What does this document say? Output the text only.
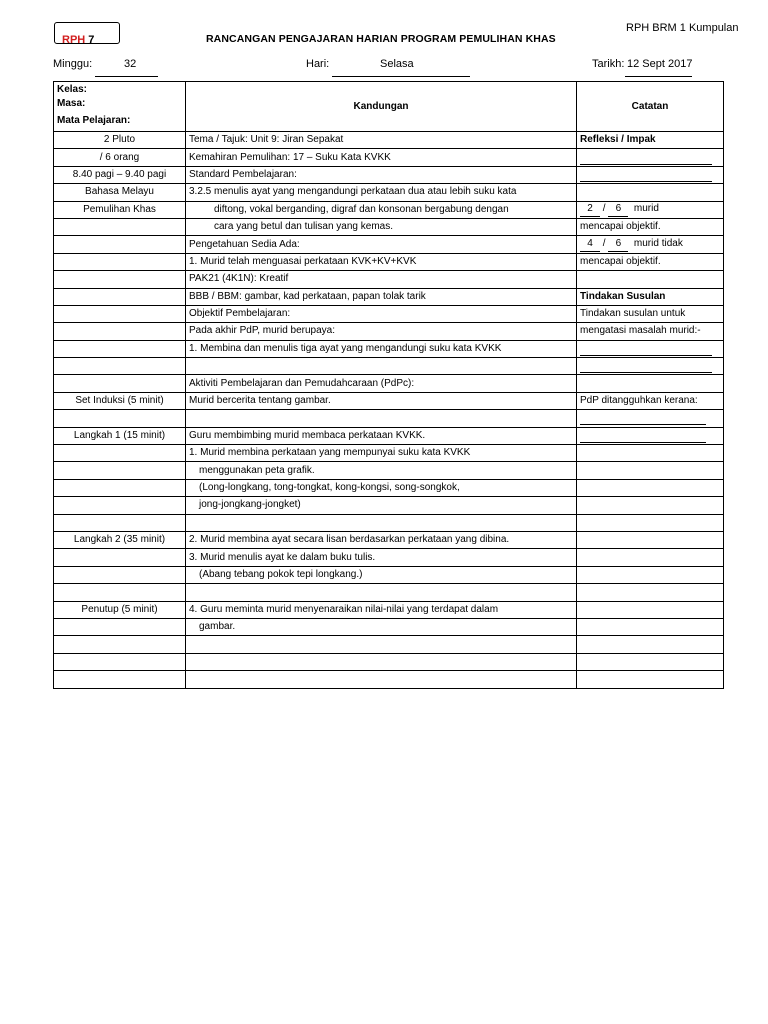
RPH 7
RPH BRM 1 Kumpulan
RANCANGAN PENGAJARAN HARIAN PROGRAM PEMULIHAN KHAS
Minggu:	32	Hari:	Selasa	Tarikh: 12 Sept 2017
Kelas:
Masa:
Mata Pelajaran:	Kandungan	Catatan
2 Pluto	Tema / Tajuk: Unit 9: Jiran Sepakat	Refleksi / Impak
/ 6 orang	Kemahiran Pemulihan: 17 – Suku Kata KVKK	
8.40 pagi – 9.40 pagi	Standard Pembelajaran:	
Bahasa Melayu	3.2.5 menulis ayat yang mengandungi perkataan dua atau lebih suku kata	
Pemulihan Khas	diftong, vokal berganding, digraf dan konsonan bergabung dengan	2 / 6 murid
	cara yang betul dan tulisan yang kemas.	mencapai objektif.
	Pengetahuan Sedia Ada:	4 / 6 murid tidak
	1. Murid telah menguasai perkataan KVK+KV+KVK	mencapai objektif.
	PAK21 (4K1N): Kreatif	
	BBB / BBM: gambar, kad perkataan, papan tolak tarik	Tindakan Susulan
	Objektif Pembelajaran:	Tindakan susulan untuk
	Pada akhir PdP, murid berupaya:	mengatasi masalah murid:-
	1. Membina dan menulis tiga ayat yang mengandungi suku kata KVKK	

	Aktiviti Pembelajaran dan Pemudahcaraan (PdPc):	
Set Induksi (5 minit)	Murid bercerita tentang gambar.	PdP ditangguhkan kerana:

Langkah 1 (15 minit)	Guru membimbing murid membaca perkataan KVKK.	
	1. Murid membina perkataan yang mempunyai suku kata KVKK	
	menggunakan peta grafik.	
	(Long-longkang, tong-tongkat, kong-kongsi, song-songkok,	
	jong-jongkang-jongket)	

Langkah 2 (35 minit)	2. Murid membina ayat secara lisan berdasarkan perkataan yang dibina.	
	3. Murid menulis ayat ke dalam buku tulis.	
	(Abang tebang pokok tepi longkang.)	

Penutup (5 minit)	4. Guru meminta murid menyenaraikan nilai-nilai yang terdapat dalam	
	gambar.	
